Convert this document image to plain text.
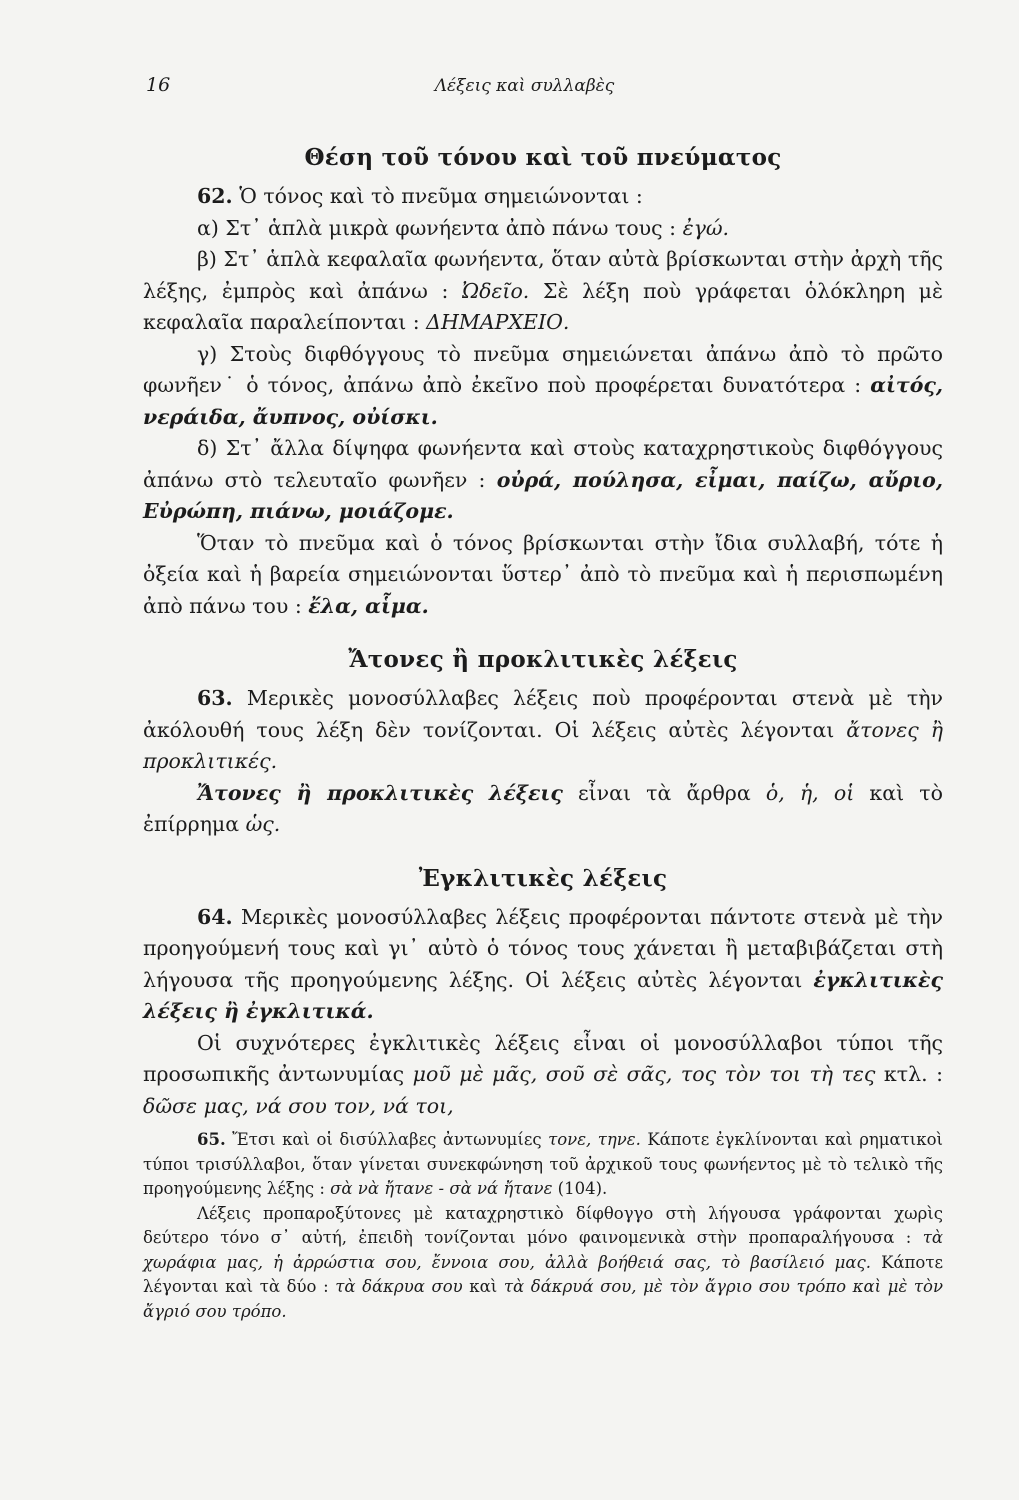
16	Λέξεις καὶ συλλαβὲς
Θέση τοῦ τόνου καὶ τοῦ πνεύματος

62. Ὁ τόνος καὶ τὸ πνεῦμα σημειώνονται :

α) Στ᾽ ἁπλὰ μικρὰ φωνήεντα ἀπὸ πάνω τους : ἐγώ.

β) Στ᾽ ἁπλὰ κεφαλαῖα φωνήεντα, ὅταν αὐτὰ βρίσκωνται στὴν ἀρχὴ τῆς λέξης, ἐμπρὸς καὶ ἀπάνω : Ὠδεῖο. Σὲ λέξη ποὺ γράφεται ὁλόκληρη μὲ κεφαλαῖα παραλείπονται : ΔΗΜΑΡΧΕΙΟ.

γ) Στοὺς διφθόγγους τὸ πνεῦμα σημειώνεται ἀπάνω ἀπὸ τὸ πρῶτο φωνῆεν˙ ὁ τόνος, ἀπάνω ἀπὸ ἐκεῖνο ποὺ προφέρεται δυνατότερα : αἰτός, νεράιδα, ἄυπνος, οὐίσκι.

δ) Στ᾽ ἄλλα δίψηφα φωνήεντα καὶ στοὺς καταχρηστικοὺς διφθόγγους ἀπάνω στὸ τελευταῖο φωνῆεν : οὐρά, πούλησα, εἶμαι, παίζω, αὔριο, Εὐρώπη, πιάνω, μοιάζομε.

Ὅταν τὸ πνεῦμα καὶ ὁ τόνος βρίσκωνται στὴν ἴδια συλλαβή, τότε ἡ ὀξεία καὶ ἡ βαρεία σημειώνονται ὕστερ᾽ ἀπὸ τὸ πνεῦμα καὶ ἡ περισπωμένη ἀπὸ πάνω του : ἔλα, αἷμα.

Ἄτονες ἢ προκλιτικὲς λέξεις

63. Μερικὲς μονοσύλλαβες λέξεις ποὺ προφέρονται στενὰ μὲ τὴν ἀκόλουθή τους λέξη δὲν τονίζονται. Οἱ λέξεις αὐτὲς λέγονται ἄτονες ἢ προκλιτικές.

Ἄτονες ἢ προκλιτικὲς λέξεις εἶναι τὰ ἄρθρα ὁ, ἡ, οἱ καὶ τὸ ἐπίρρημα ὡς.

Ἐγκλιτικὲς λέξεις

64. Μερικὲς μονοσύλλαβες λέξεις προφέρονται πάντοτε στενὰ μὲ τὴν προηγούμενή τους καὶ γι᾽ αὐτὸ ὁ τόνος τους χάνεται ἢ μεταβιβάζεται στὴ λήγουσα τῆς προηγούμενης λέξης. Οἱ λέξεις αὐτὲς λέγονται ἐγκλιτικὲς λέξεις ἢ ἐγκλιτικά.

Οἱ συχνότερες ἐγκλιτικὲς λέξεις εἶναι οἱ μονοσύλλαβοι τύποι τῆς προσωπικῆς ἀντωνυμίας μοῦ μὲ μᾶς, σοῦ σὲ σᾶς, τος τὸν τοι τὴ τες κτλ. : δῶσε μας, νά σου τον, νά τοι,

65. Ἔτσι καὶ οἱ δισύλλαβες ἀντωνυμίες τονε, τηνε. Κάποτε ἐγκλίνονται καὶ ρηματικοὶ τύποι τρισύλλαβοι, ὅταν γίνεται συνεκφώνηση τοῦ ἀρχικοῦ τους φωνήεντος μὲ τὸ τελικὸ τῆς προηγούμενης λέξης : σὰ νὰ ἤτανε - σὰ νά ἤτανε (104).

Λέξεις προπαροξύτονες μὲ καταχρηστικὸ δίφθογγο στὴ λήγουσα γράφονται χωρὶς δεύτερο τόνο σ᾽ αὐτή, ἐπειδὴ τονίζονται μόνο φαινομενικὰ στὴν προπαραλήγουσα : τὰ χωράφια μας, ἡ ἀρρώστια σου, ἔννοια σου, ἀλλὰ βοήθειά σας, τὸ βασίλειό μας. Κάποτε λέγονται καὶ τὰ δύο : τὰ δάκρυα σου καὶ τὰ δάκρυά σου, μὲ τὸν ἄγριο σου τρόπο καὶ μὲ τὸν ἄγριό σου τρόπο.
